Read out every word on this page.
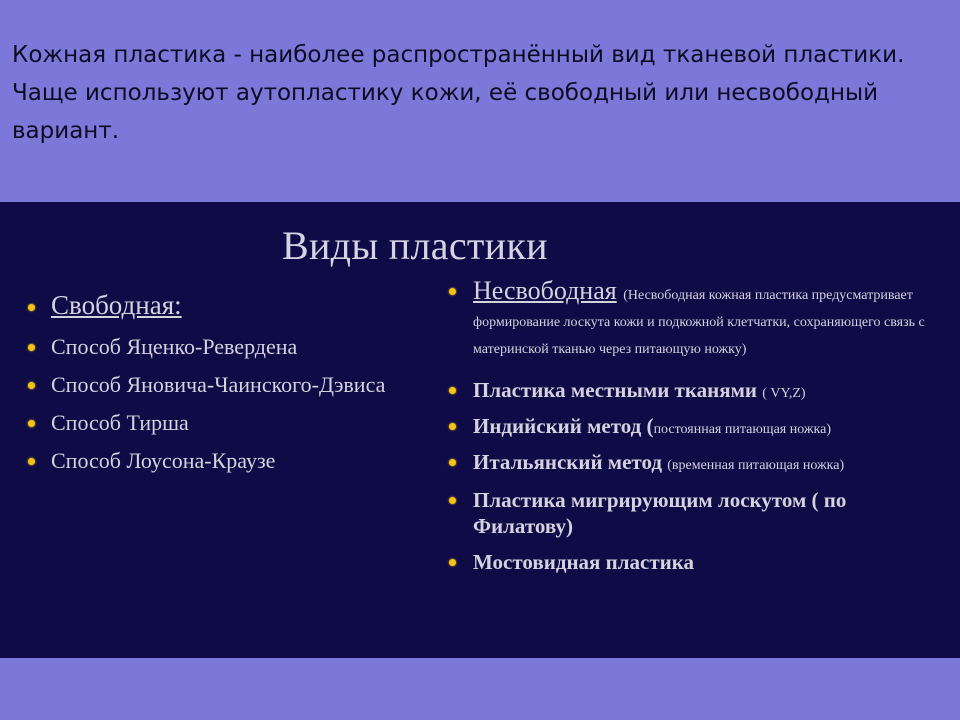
Кожная пластика - наиболее распространённый вид тканевой пластики. Чаще используют аутопластику кожи, её свободный или несвободный вариант.

Виды пластики
Свободная:
Способ Яценко-Ревердена
Способ Яновича-Чаинского-Дэвиса
Способ Тирша
Способ Лоусона-Краузе
Несвободная (Несвободная кожная пластика предусматривает формирование лоскута кожи и подкожной клетчатки, сохраняющего связь с материнской тканью через питающую ножку)
Пластика местными тканями ( VY,Z)
Индийский метод (постоянная питающая ножка)
Итальянский метод (временная питающая ножка)
Пластика мигрирующим лоскутом ( по Филатову)
Мостовидная пластика
